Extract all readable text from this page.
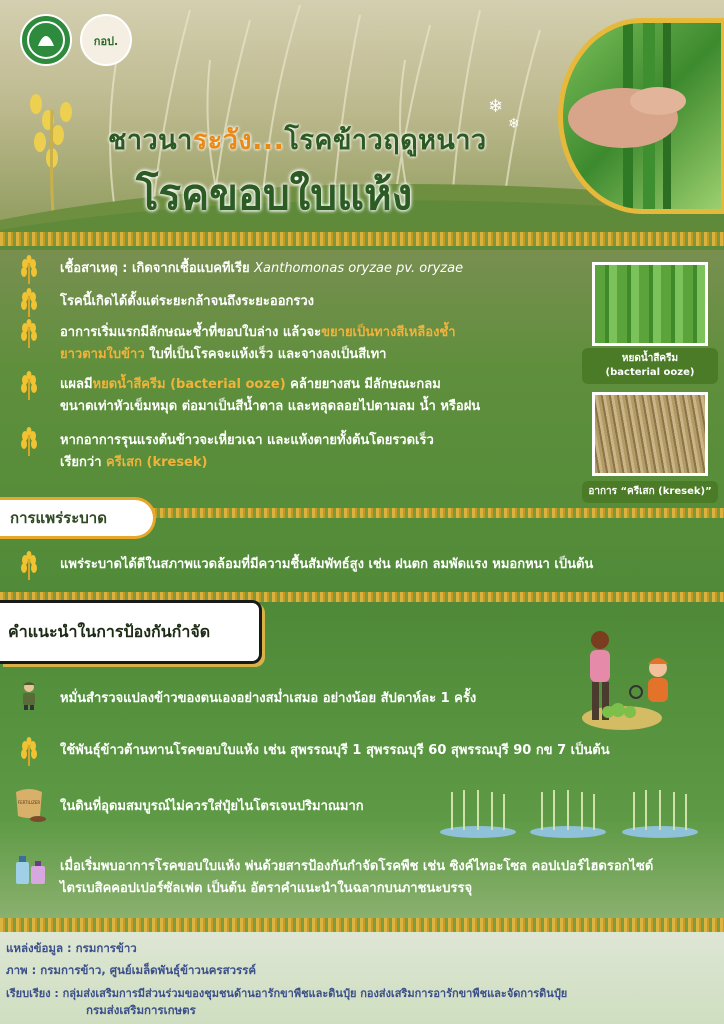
กอป.
ชาวนาระวัง...โรคข้าวฤดูหนาว
โรคขอบใบแห้ง
❄
❄
เชื้อสาเหตุ : เกิดจากเชื้อแบคทีเรีย Xanthomonas oryzae pv. oryzae
โรคนี้เกิดได้ตั้งแต่ระยะกล้าจนถึงระยะออกรวง
อาการเริ่มแรกมีลักษณะช้ำที่ขอบใบล่าง แล้วจะขยายเป็นทางสีเหลืองช้ำ
ยาวตามใบข้าว ใบที่เป็นโรคจะแห้งเร็ว และจางลงเป็นสีเทา
แผลมีหยดน้ำสีครีม (bacterial ooze) คล้ายยางสน มีลักษณะกลม
ขนาดเท่าหัวเข็มหมุด ต่อมาเป็นสีน้ำตาล และหลุดลอยไปตามลม น้ำ หรือฝน
หากอาการรุนแรงต้นข้าวจะเหี่ยวเฉา และแห้งตายทั้งต้นโดยรวดเร็ว
เรียกว่า ครีเสก (kresek)
หยดน้ำสีครีม
(bacterial ooze)
อาการ “ครีเสก (kresek)”
การแพร่ระบาด
แพร่ระบาดได้ดีในสภาพแวดล้อมที่มีความชื้นสัมพัทธ์สูง เช่น ฝนตก ลมพัดแรง หมอกหนา เป็นต้น
คำแนะนำในการป้องกันกำจัด
หมั่นสำรวจแปลงข้าวของตนเองอย่างสม่ำเสมอ อย่างน้อย สัปดาห์ละ 1 ครั้ง
ใช้พันธุ์ข้าวต้านทานโรคขอบใบแห้ง เช่น สุพรรณบุรี 1 สุพรรณบุรี 60 สุพรรณบุรี 90 กข 7 เป็นต้น
FERTILIZER ในดินที่อุดมสมบูรณ์ไม่ควรใส่ปุ๋ยไนโตรเจนปริมาณมาก
เมื่อเริ่มพบอาการโรคขอบใบแห้ง พ่นด้วยสารป้องกันกำจัดโรคพืช เช่น ซิงค์ไทอะโซล คอปเปอร์ไฮดรอกไซด์
ไตรเบสิคคอปเปอร์ซัลเฟต เป็นต้น อัตราคำแนะนำในฉลากบนภาชนะบรรจุ
แหล่งข้อมูล : กรมการข้าว
ภาพ : กรมการข้าว, ศูนย์เมล็ดพันธุ์ข้าวนครสวรรค์
เรียบเรียง : กลุ่มส่งเสริมการมีส่วนร่วมของชุมชนด้านอารักขาพืชและดินปุ๋ย กองส่งเสริมการอารักขาพืชและจัดการดินปุ๋ย
กรมส่งเสริมการเกษตร
